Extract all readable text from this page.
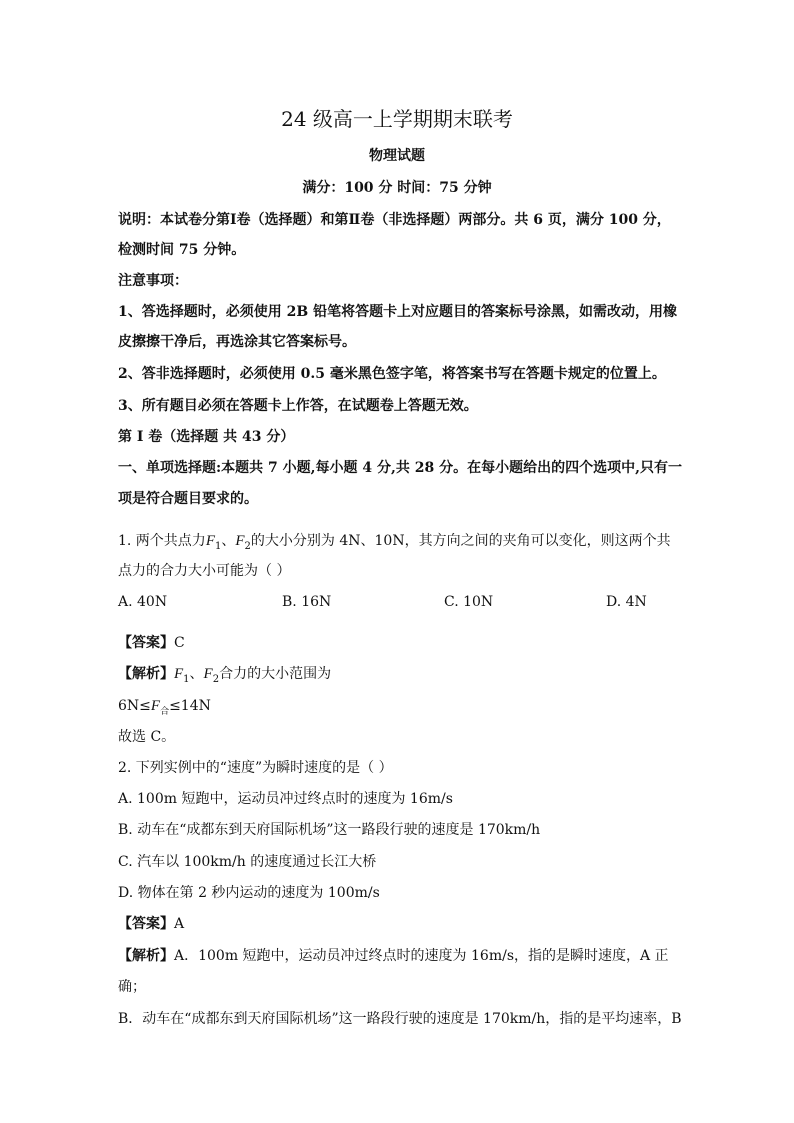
24 级高一上学期期末联考
物理试题
满分：100 分 时间：75 分钟
说明：本试卷分第Ⅰ卷（选择题）和第Ⅱ卷（非选择题）两部分。共 6 页，满分 100 分，
检测时间 75 分钟。
注意事项：
1、答选择题时，必须使用 2B 铅笔将答题卡上对应题目的答案标号涂黑，如需改动，用橡
皮擦擦干净后，再选涂其它答案标号。
2、答非选择题时，必须使用 0.5 毫米黑色签字笔，将答案书写在答题卡规定的位置上。
3、所有题目必须在答题卡上作答，在试题卷上答题无效。
第 I 卷（选择题 共 43 分）
一、单项选择题:本题共 7 小题,每小题 4 分,共 28 分。在每小题给出的四个选项中,只有一
项是符合题目要求的。
1. 两个共点力$F_1$、$F_2$的大小分别为 4N、10N，其方向之间的夹角可以变化，则这两个共
点力的合力大小可能为（ ）
A. 40N	B. 16N	C. 10N	D. 4N
【答案】C
【解析】$F_1$、$F_2$合力的大小范围为
$6N\le F_合\le 14N$
故选 C。
2. 下列实例中的“速度”为瞬时速度的是（ ）
A. 100m 短跑中，运动员冲过终点时的速度为 16m/s
B. 动车在“成都东到天府国际机场”这一路段行驶的速度是 170km/h
C. 汽车以 100km/h 的速度通过长江大桥
D. 物体在第 2 秒内运动的速度为 100m/s
【答案】A
【解析】A．100m 短跑中，运动员冲过终点时的速度为 16m/s，指的是瞬时速度，A 正
确；
B．动车在“成都东到天府国际机场”这一路段行驶的速度是 170km/h，指的是平均速率，B
